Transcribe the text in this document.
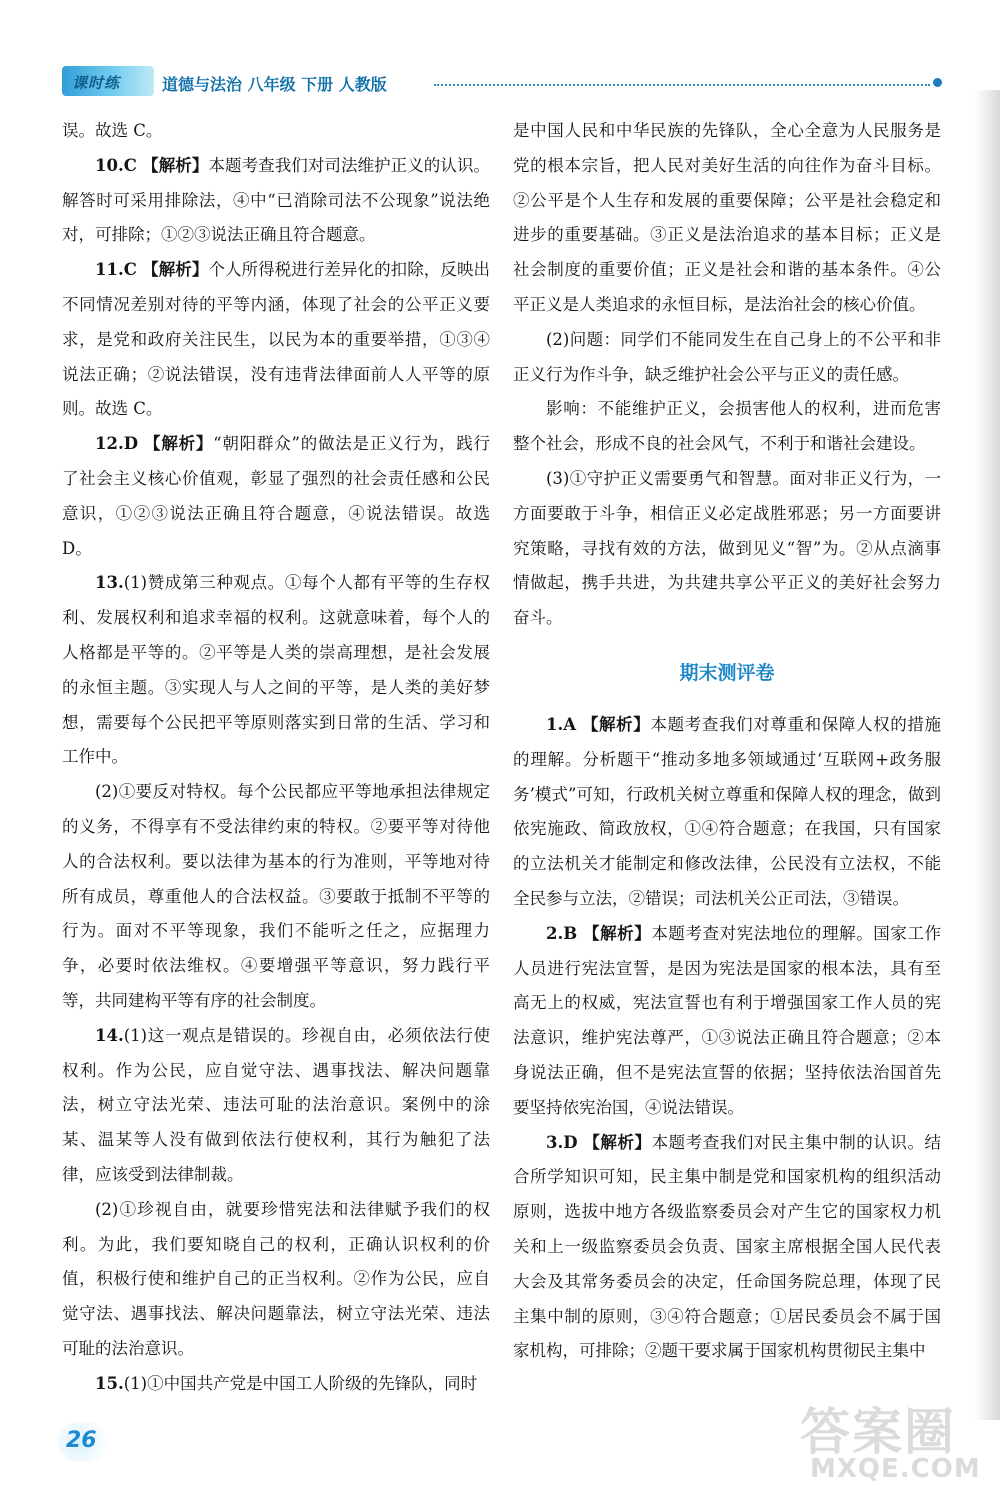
课时练	道德与法治 八年级 下册 人教版

误。故选 C。

10.C 【解析】本题考查我们对司法维护正义的认识。解答时可采用排除法，④中“已消除司法不公现象”说法绝对，可排除；①②③说法正确且符合题意。

11.C 【解析】个人所得税进行差异化的扣除，反映出不同情况差别对待的平等内涵，体现了社会的公平正义要求，是党和政府关注民生，以民为本的重要举措，①③④说法正确；②说法错误，没有违背法律面前人人平等的原则。故选 C。

12.D 【解析】“朝阳群众”的做法是正义行为，践行了社会主义核心价值观，彰显了强烈的社会责任感和公民意识，①②③说法正确且符合题意，④说法错误。故选 D。

13.(1)赞成第三种观点。①每个人都有平等的生存权利、发展权利和追求幸福的权利。这就意味着，每个人的人格都是平等的。②平等是人类的崇高理想，是社会发展的永恒主题。③实现人与人之间的平等，是人类的美好梦想，需要每个公民把平等原则落实到日常的生活、学习和工作中。

(2)①要反对特权。每个公民都应平等地承担法律规定的义务，不得享有不受法律约束的特权。②要平等对待他人的合法权利。要以法律为基本的行为准则，平等地对待所有成员，尊重他人的合法权益。③要敢于抵制不平等的行为。面对不平等现象，我们不能听之任之，应据理力争，必要时依法维权。④要增强平等意识，努力践行平等，共同建构平等有序的社会制度。

14.(1)这一观点是错误的。珍视自由，必须依法行使权利。作为公民，应自觉守法、遇事找法、解决问题靠法，树立守法光荣、违法可耻的法治意识。案例中的涂某、温某等人没有做到依法行使权利，其行为触犯了法律，应该受到法律制裁。

(2)①珍视自由，就要珍惜宪法和法律赋予我们的权利。为此，我们要知晓自己的权利，正确认识权利的价值，积极行使和维护自己的正当权利。②作为公民，应自觉守法、遇事找法、解决问题靠法，树立守法光荣、违法可耻的法治意识。

15.(1)①中国共产党是中国工人阶级的先锋队，同时

是中国人民和中华民族的先锋队，全心全意为人民服务是党的根本宗旨，把人民对美好生活的向往作为奋斗目标。②公平是个人生存和发展的重要保障；公平是社会稳定和进步的重要基础。③正义是法治追求的基本目标；正义是社会制度的重要价值；正义是社会和谐的基本条件。④公平正义是人类追求的永恒目标，是法治社会的核心价值。

(2)问题：同学们不能同发生在自己身上的不公平和非正义行为作斗争，缺乏维护社会公平与正义的责任感。

影响：不能维护正义，会损害他人的权利，进而危害整个社会，形成不良的社会风气，不利于和谐社会建设。

(3)①守护正义需要勇气和智慧。面对非正义行为，一方面要敢于斗争，相信正义必定战胜邪恶；另一方面要讲究策略，寻找有效的方法，做到见义“智”为。②从点滴事情做起，携手共进，为共建共享公平正义的美好社会努力奋斗。

期末测评卷

1.A 【解析】本题考查我们对尊重和保障人权的措施的理解。分析题干“推动多地多领域通过‘互联网+政务服务’模式”可知，行政机关树立尊重和保障人权的理念，做到依宪施政、简政放权，①④符合题意；在我国，只有国家的立法机关才能制定和修改法律，公民没有立法权，不能全民参与立法，②错误；司法机关公正司法，③错误。

2.B 【解析】本题考查对宪法地位的理解。国家工作人员进行宪法宣誓，是因为宪法是国家的根本法，具有至高无上的权威，宪法宣誓也有利于增强国家工作人员的宪法意识，维护宪法尊严，①③说法正确且符合题意；②本身说法正确，但不是宪法宣誓的依据；坚持依法治国首先要坚持依宪治国，④说法错误。

3.D 【解析】本题考查我们对民主集中制的认识。结合所学知识可知，民主集中制是党和国家机构的组织活动原则，选拔中地方各级监察委员会对产生它的国家权力机关和上一级监察委员会负责、国家主席根据全国人民代表大会及其常务委员会的决定，任命国务院总理，体现了民主集中制的原则，③④符合题意；①居民委员会不属于国家机构，可排除；②题干要求属于国家机构贯彻民主集中

26	答案圈
MXQE.COM
